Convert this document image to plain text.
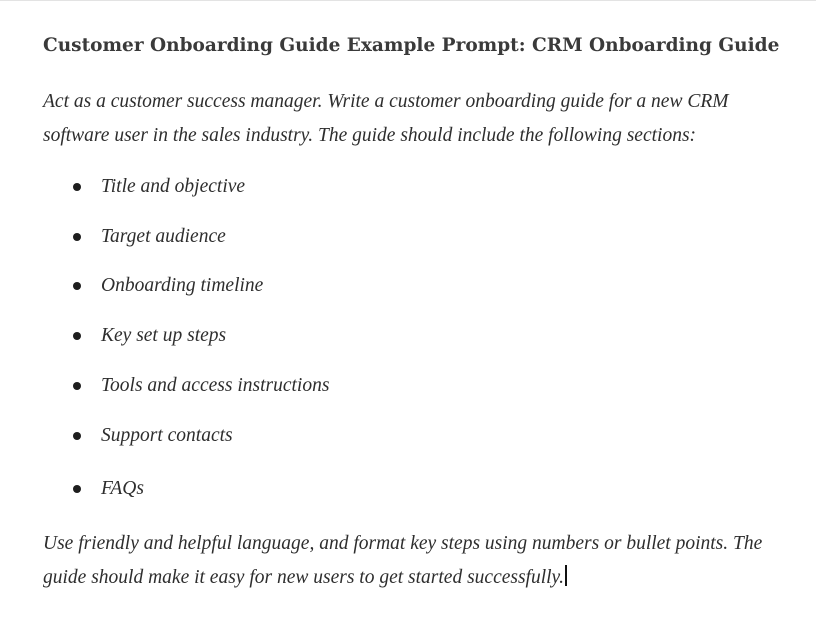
Customer Onboarding Guide Example Prompt: CRM Onboarding Guide

Act as a customer success manager. Write a customer onboarding guide for a new CRM software user in the sales industry. The guide should include the following sections:

Title and objective
Target audience
Onboarding timeline
Key set up steps
Tools and access instructions
Support contacts
FAQs

Use friendly and helpful language, and format key steps using numbers or bullet points. The guide should make it easy for new users to get started successfully.
